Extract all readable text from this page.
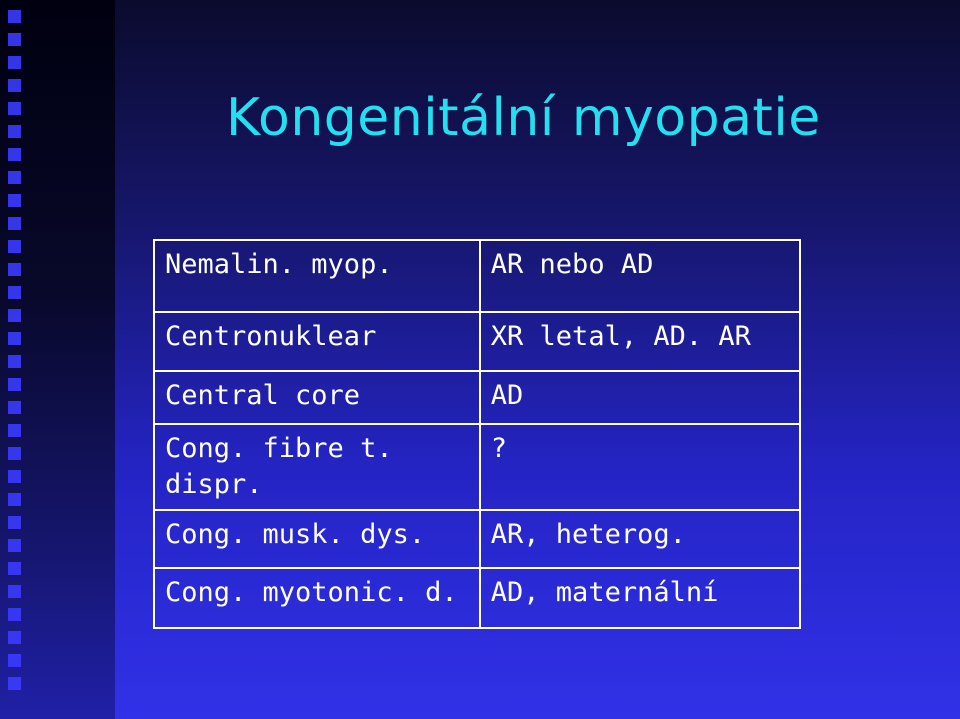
Kongenitální myopatie
Nemalin. myop.	AR nebo AD
Centronuklear	XR letal, AD. AR
Central core	AD
Cong. fibre t. dispr.	?
Cong. musk. dys.	AR, heterog.
Cong. myotonic. d.	AD, maternální
